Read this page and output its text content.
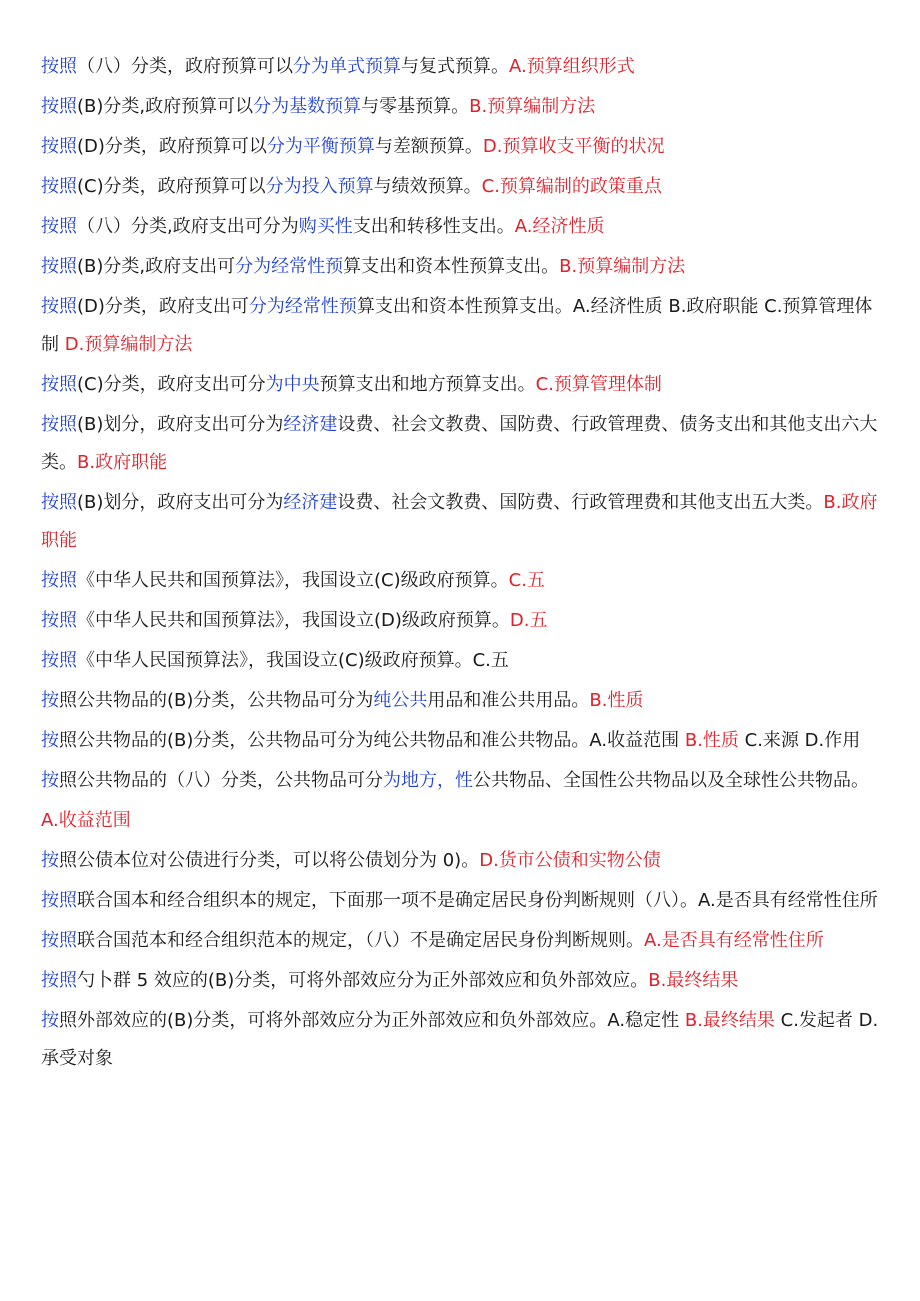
按照（八）分类，政府预算可以分为单式预算与复式预算。A.预算组织形式
按照(B)分类,政府预算可以分为基数预算与零基预算。B.预算编制方法
按照(D)分类，政府预算可以分为平衡预算与差额预算。D.预算收支平衡的状况
按照(C)分类，政府预算可以分为投入预算与绩效预算。C.预算编制的政策重点
按照（八）分类,政府支出可分为购买性支出和转移性支出。A.经济性质
按照(B)分类,政府支出可分为经常性预算支出和资本性预算支出。B.预算编制方法
按照(D)分类，政府支出可分为经常性预算支出和资本性预算支出。A.经济性质 B.政府职能 C.预算管理体制 D.预算编制方法
按照(C)分类，政府支出可分为中央预算支出和地方预算支出。C.预算管理体制
按照(B)划分，政府支出可分为经济建设费、社会文教费、国防费、行政管理费、债务支出和其他支出六大类。B.政府职能
按照(B)划分，政府支出可分为经济建设费、社会文教费、国防费、行政管理费和其他支出五大类。B.政府职能
按照《中华人民共和国预算法》，我国设立(C)级政府预算。C.五
按照《中华人民共和国预算法》，我国设立(D)级政府预算。D.五
按照《中华人民国预算法》，我国设立(C)级政府预算。C.五
按照公共物品的(B)分类，公共物品可分为纯公共用品和准公共用品。B.性质
按照公共物品的(B)分类，公共物品可分为纯公共物品和准公共物品。A.收益范围 B.性质 C.来源 D.作用
按照公共物品的（八）分类，公共物品可分为地方，性公共物品、全国性公共物品以及全球性公共物品。
A.收益范围
按照公债本位对公债进行分类，可以将公债划分为 0)。D.货市公债和实物公债
按照联合国本和经合组织本的规定，下面那一项不是确定居民身份判断规则（八）。A.是否具有经常性住所
按照联合国范本和经合组织范本的规定，（八）不是确定居民身份判断规则。A.是否具有经常性住所
按照勺卜群 5 效应的(B)分类，可将外部效应分为正外部效应和负外部效应。B.最终结果
按照外部效应的(B)分类，可将外部效应分为正外部效应和负外部效应。A.稳定性 B.最终结果 C.发起者 D.承受对象
